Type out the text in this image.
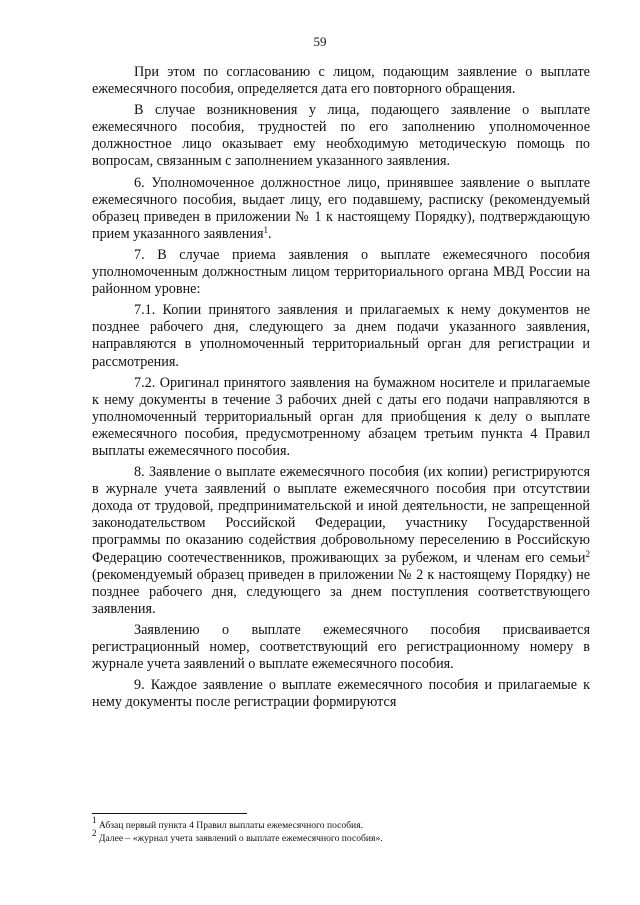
59

При этом по согласованию с лицом, подающим заявление о выплате ежемесячного пособия, определяется дата его повторного обращения.

В случае возникновения у лица, подающего заявление о выплате ежемесячного пособия, трудностей по его заполнению уполномоченное должностное лицо оказывает ему необходимую методическую помощь по вопросам, связанным с заполнением указанного заявления.

6. Уполномоченное должностное лицо, принявшее заявление о выплате ежемесячного пособия, выдает лицу, его подавшему, расписку (рекомендуемый образец приведен в приложении № 1 к настоящему Порядку), подтверждающую прием указанного заявления$^1$.

7. В случае приема заявления о выплате ежемесячного пособия уполномоченным должностным лицом территориального органа МВД России на районном уровне:

7.1. Копии принятого заявления и прилагаемых к нему документов не позднее рабочего дня, следующего за днем подачи указанного заявления, направляются в уполномоченный территориальный орган для регистрации и рассмотрения.

7.2. Оригинал принятого заявления на бумажном носителе и прилагаемые к нему документы в течение 3 рабочих дней с даты его подачи направляются в уполномоченный территориальный орган для приобщения к делу о выплате ежемесячного пособия, предусмотренному абзацем третьим пункта 4 Правил выплаты ежемесячного пособия.

8. Заявление о выплате ежемесячного пособия (их копии) регистрируются в журнале учета заявлений о выплате ежемесячного пособия при отсутствии дохода от трудовой, предпринимательской и иной деятельности, не запрещенной законодательством Российской Федерации, участнику Государственной программы по оказанию содействия добровольному переселению в Российскую Федерацию соотечественников, проживающих за рубежом, и членам его семьи$^2$ (рекомендуемый образец приведен в приложении № 2 к настоящему Порядку) не позднее рабочего дня, следующего за днем поступления соответствующего заявления.

Заявлению о выплате ежемесячного пособия присваивается регистрационный номер, соответствующий его регистрационному номеру в журнале учета заявлений о выплате ежемесячного пособия.

9. Каждое заявление о выплате ежемесячного пособия и прилагаемые к нему документы после регистрации формируются

$^1$ Абзац первый пункта 4 Правил выплаты ежемесячного пособия.

$^2$ Далее – «журнал учета заявлений о выплате ежемесячного пособия».
